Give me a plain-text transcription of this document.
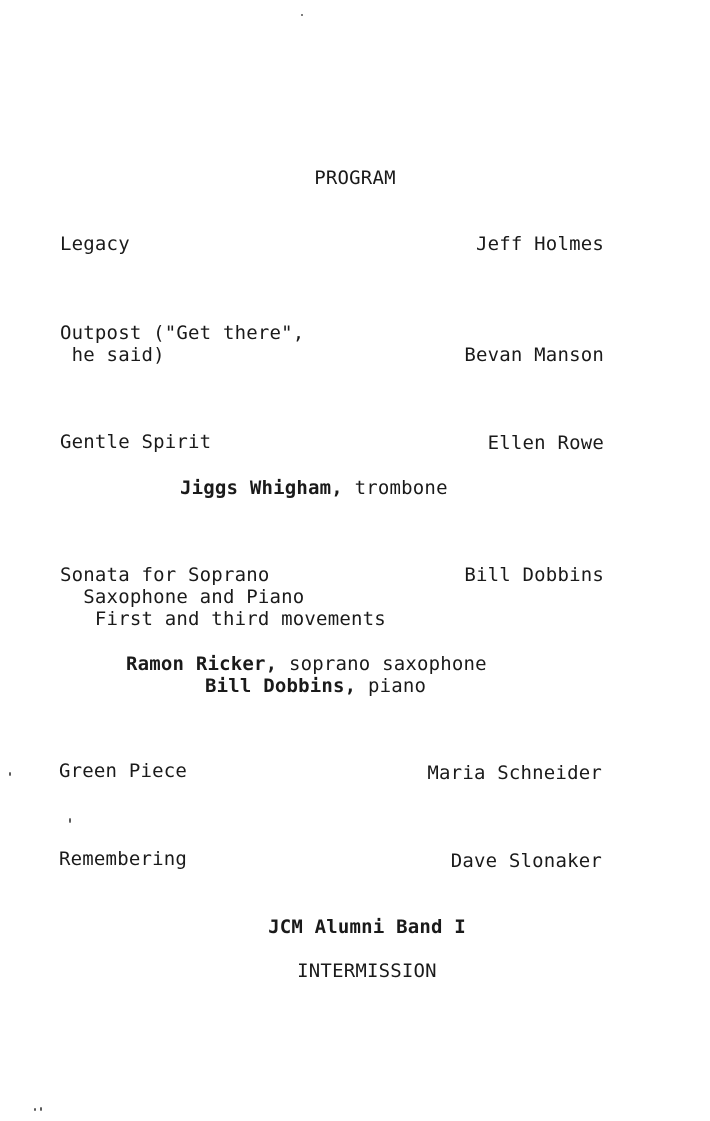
PROGRAM
Legacy	Jeff Holmes
Outpost ("Get there",
he said)	Bevan Manson
Gentle Spirit	Ellen Rowe
Jiggs Whigham, trombone
Sonata for Soprano	Bill Dobbins
Saxophone and Piano
First and third movements
Ramon Ricker, soprano saxophone
Bill Dobbins, piano
Green Piece	Maria Schneider
Remembering	Dave Slonaker
JCM Alumni Band I
INTERMISSION
